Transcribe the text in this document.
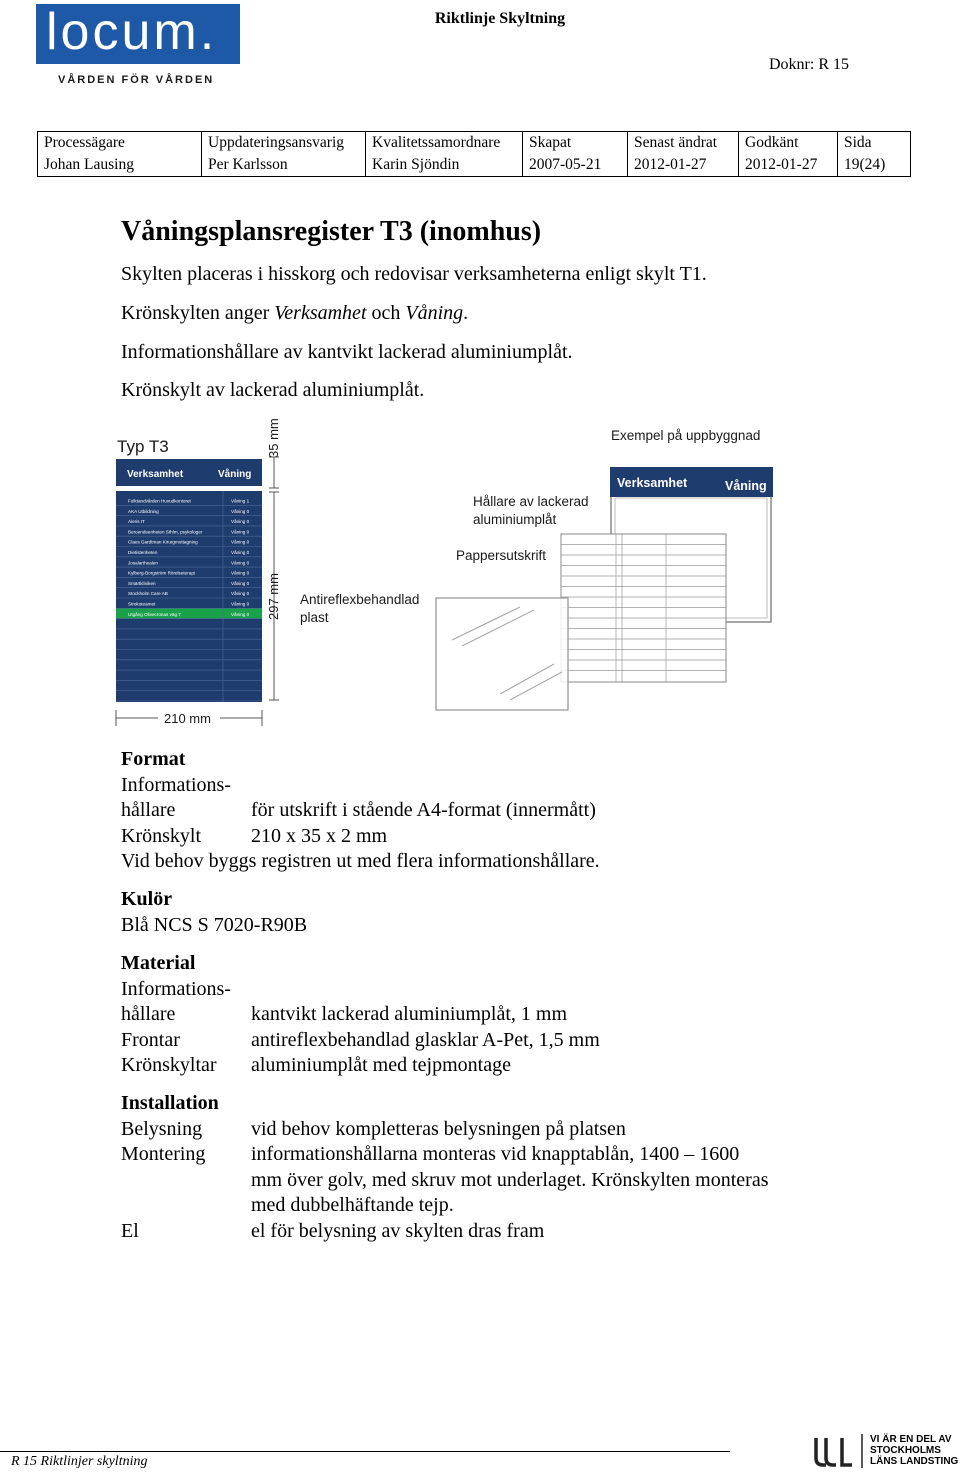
locum.
VÅRDEN FÖR VÅRDEN
Riktlinje Skyltning
Doknr: R 15
Processägare	Uppdateringsansvarig	Kvalitetssamordnare	Skapat	Senast ändrat	Godkänt	Sida
Johan Lausing	Per Karlsson	Karin Sjöndin	2007-05-21	2012-01-27	2012-01-27	19(24)
Våningsplansregister T3 (inomhus)
Skylten placeras i hisskorg och redovisar verksamheterna enligt skylt T1.
Krönskylten anger Verksamhet och Våning.
Informationshållare av kantvikt lackerad aluminiumplåt.
Krönskylt av lackerad aluminiumplåt.
Typ T3
Verksamhet	Våning
Folktandvården Huvudkontoret	Våning 1
AKA Utbildning	Våning 0
Aleris IT	Våning 0
Beroendeenheten Sthlm, psykologer	Våning 0
Claes Gardtman Kirurgmottagning	Våning 0
Dietistenheten	Våning 0
Josalarthealen	Våning 0
Kylberg-Borgström Rörelseterapi	Våning 0
Smärtkliniken	Våning 0
Stockholm Care AB	Våning 0
Strokoteamet	Våning 0
Utgång Olivecronas väg 7	Våning 0
35 mm
297 mm
210 mm
Exempel på uppbyggnad
Verksamhet	Våning
Hållare av lackerad
aluminiumplåt
Pappersutskrift
Antireflexbehandlad
plast
Format
Informations-
hållare	för utskrift i stående A4-format (innermått)
Krönskylt	210 x 35 x 2 mm
Vid behov byggs registren ut med flera informationshållare.
Kulör
Blå NCS S 7020-R90B
Material
Informations-
hållare	kantvikt lackerad aluminiumplåt, 1 mm
Frontar	antireflexbehandlad glasklar A-Pet, 1,5 mm
Krönskyltar	aluminiumplåt med tejpmontage
Installation
Belysning	vid behov kompletteras belysningen på platsen
Montering	informationshållarna monteras vid knapptablån, 1400 – 1600
mm över golv, med skruv mot underlaget. Krönskylten monteras
med dubbelhäftande tejp.
El	el för belysning av skylten dras fram
R 15 Riktlinjer skyltning
VI ÄR EN DEL AV
STOCKHOLMS
LÄNS LANDSTING
